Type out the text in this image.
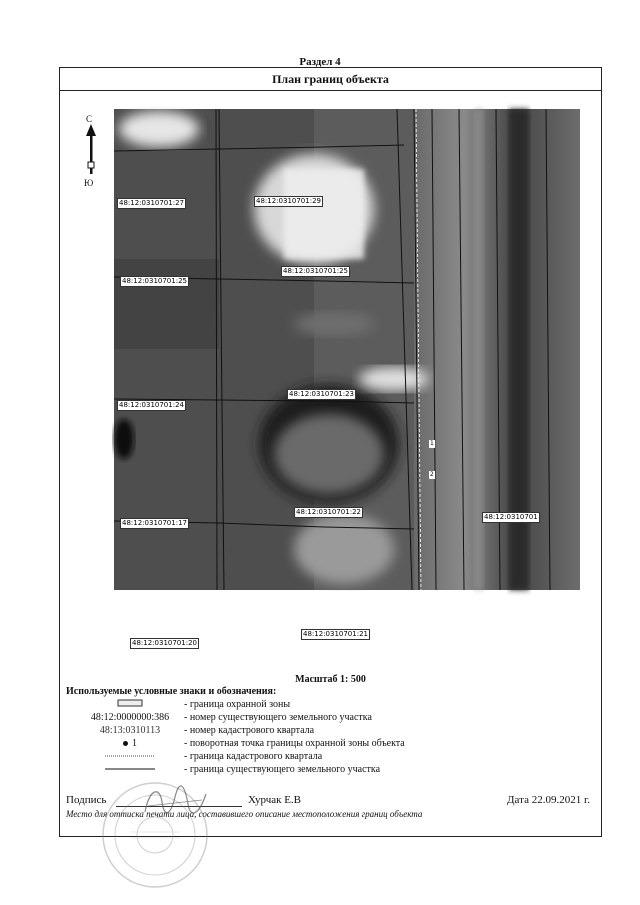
Раздел 4
План границ объекта
С
Ю
48:12:0310701:27	48:12:0310701:29
48:12:0310701:25
48:12:0310701:25
48:12:0310701:23
48:12:0310701:24
48:12:0310701:22
48:12:0310701:17
48:12:0310701:21
48:12:0310701:20
48:12:0310701
1
2
Масштаб 1: 500
Используемые условные знаки и обозначения:
- граница охранной зоны
48:12:0000000:386	- номер существующего земельного участка
48:13:0310113	- номер кадастрового квартала
1	- поворотная точка границы охранной зоны объекта
- граница кадастрового квартала
- граница существующего земельного участка
Подпись	Хурчак Е.В	Дата 22.09.2021 г.
Место для оттиска печати лица, составившего описание местоположения границ объекта
